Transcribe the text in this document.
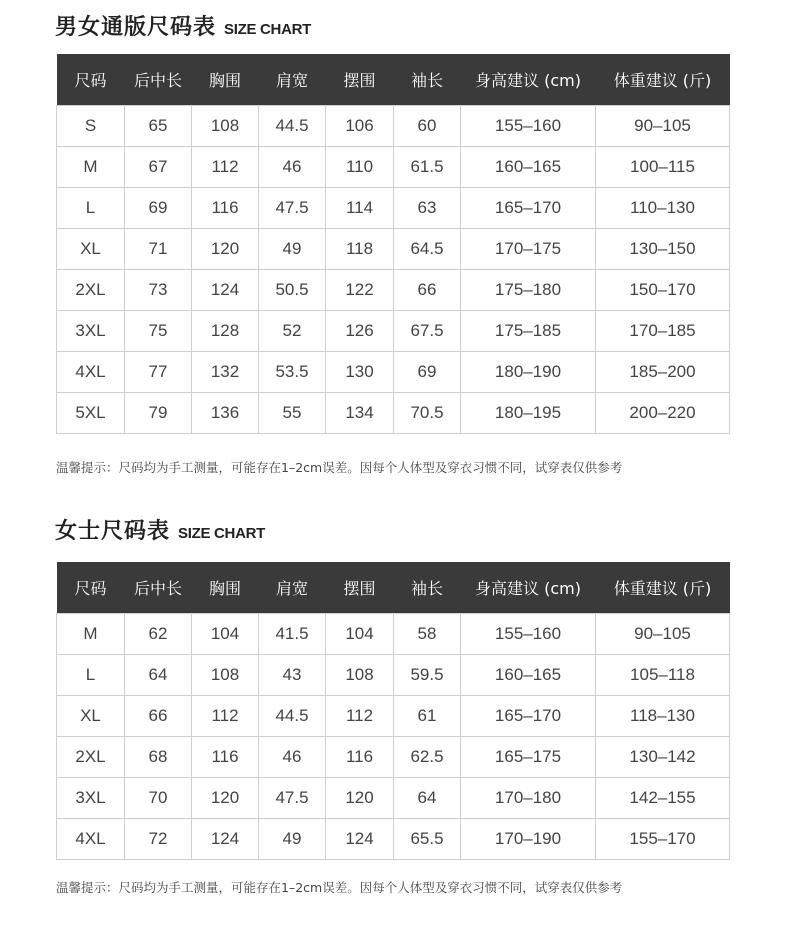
男女通版尺码表 SIZE CHART
尺码	后中长	胸围	肩宽	摆围	袖长	身高建议 (cm)	体重建议 (斤)
S	65	108	44.5	106	60	155–160	90–105
M	67	112	46	110	61.5	160–165	100–115
L	69	116	47.5	114	63	165–170	110–130
XL	71	120	49	118	64.5	170–175	130–150
2XL	73	124	50.5	122	66	175–180	150–170
3XL	75	128	52	126	67.5	175–185	170–185
4XL	77	132	53.5	130	69	180–190	185–200
5XL	79	136	55	134	70.5	180–195	200–220
温馨提示：尺码均为手工测量，可能存在1–2cm误差。因每个人体型及穿衣习惯不同，试穿表仅供参考
女士尺码表 SIZE CHART
尺码	后中长	胸围	肩宽	摆围	袖长	身高建议 (cm)	体重建议 (斤)
M	62	104	41.5	104	58	155–160	90–105
L	64	108	43	108	59.5	160–165	105–118
XL	66	112	44.5	112	61	165–170	118–130
2XL	68	116	46	116	62.5	165–175	130–142
3XL	70	120	47.5	120	64	170–180	142–155
4XL	72	124	49	124	65.5	170–190	155–170
温馨提示：尺码均为手工测量，可能存在1–2cm误差。因每个人体型及穿衣习惯不同，试穿表仅供参考
